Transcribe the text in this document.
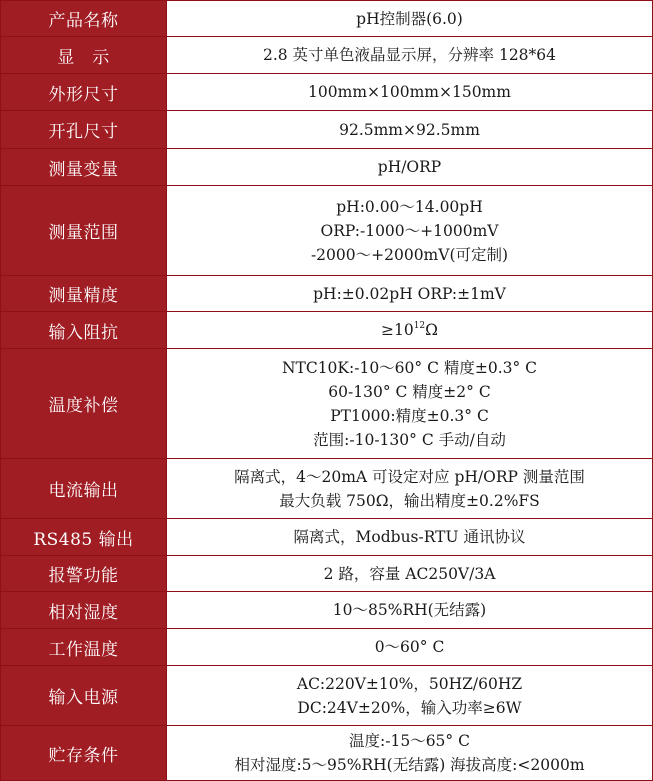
产品名称	pH控制器(6.0)

显　示	2.8 英寸单色液晶显示屏，分辨率 128*64

外形尺寸	100mm×100mm×150mm

开孔尺寸	92.5mm×92.5mm

测量变量	pH/ORP

测量范围	pH:0.00～14.00pH
ORP:-1000～+1000mV
-2000～+2000mV(可定制)

测量精度	pH:±0.02pH ORP:±1mV

输入阻抗	$\ge 10^{12}\Omega$

温度补偿	NTC10K:-10～60° C 精度±0.3° C
60-130° C 精度±2° C
PT1000:精度±0.3° C
范围:-10-130° C 手动/自动

电流输出	隔离式，4～20mA 可设定对应 pH/ORP 测量范围
最大负载 750Ω，输出精度±0.2%FS

RS485 输出	隔离式，Modbus-RTU 通讯协议

报警功能	2 路，容量 AC250V/3A

相对湿度	10～85%RH(无结露)

工作温度	0～60° C

输入电源	AC:220V±10%，50HZ/60HZ
DC:24V±20%，输入功率≥6W

贮存条件	温度:-15～65° C
相对湿度:5～95%RH(无结露) 海拔高度:<2000m
